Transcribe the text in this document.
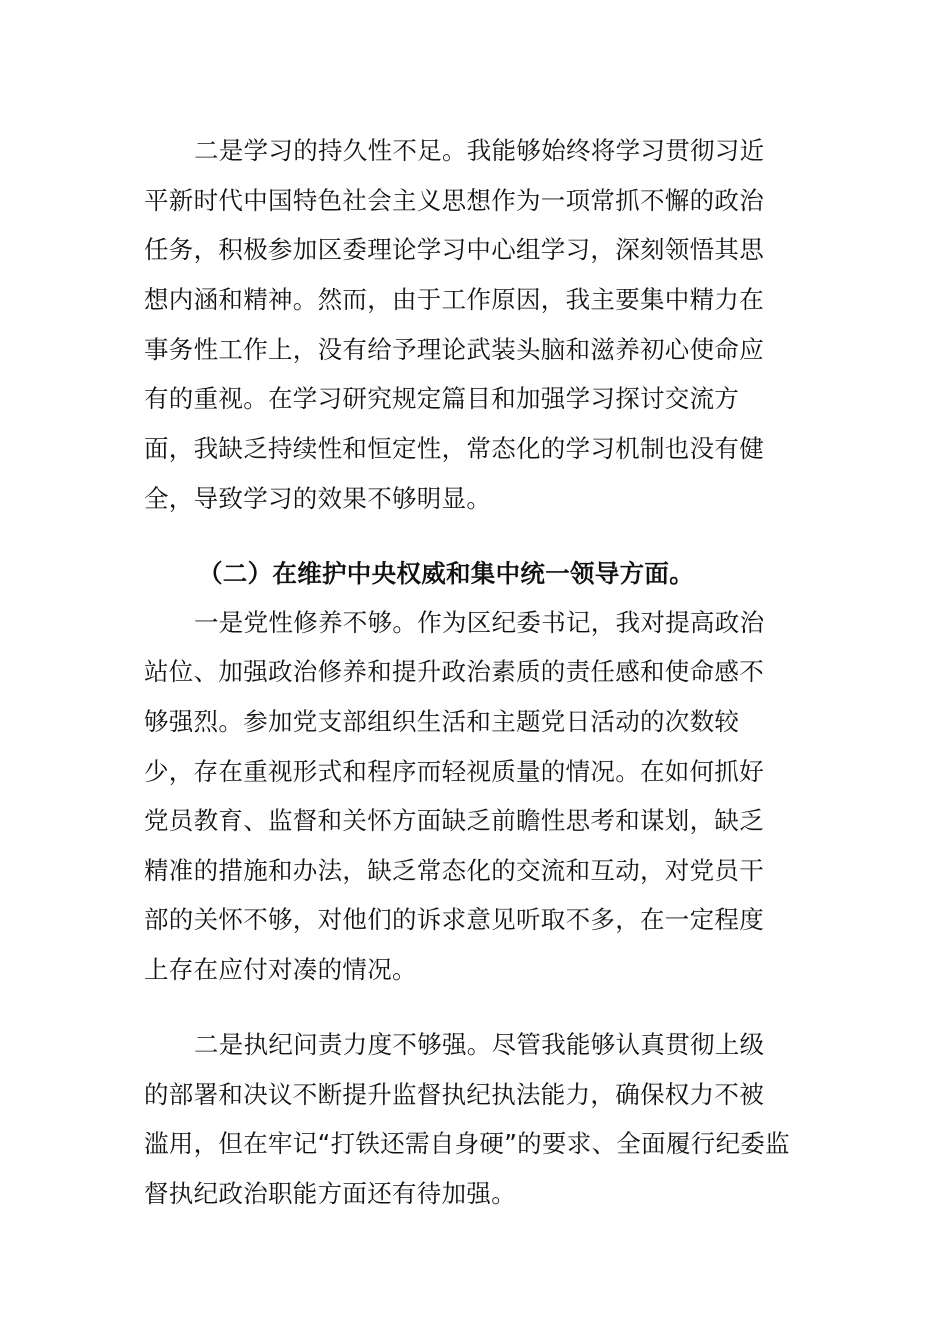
二是学习的持久性不足。我能够始终将学习贯彻习近
平新时代中国特色社会主义思想作为一项常抓不懈的政治
任务，积极参加区委理论学习中心组学习，深刻领悟其思
想内涵和精神。然而，由于工作原因，我主要集中精力在
事务性工作上，没有给予理论武装头脑和滋养初心使命应
有的重视。在学习研究规定篇目和加强学习探讨交流方
面，我缺乏持续性和恒定性，常态化的学习机制也没有健
全，导致学习的效果不够明显。
（二）在维护中央权威和集中统一领导方面。
一是党性修养不够。作为区纪委书记，我对提高政治
站位、加强政治修养和提升政治素质的责任感和使命感不
够强烈。参加党支部组织生活和主题党日活动的次数较
少，存在重视形式和程序而轻视质量的情况。在如何抓好
党员教育、监督和关怀方面缺乏前瞻性思考和谋划，缺乏
精准的措施和办法，缺乏常态化的交流和互动，对党员干
部的关怀不够，对他们的诉求意见听取不多，在一定程度
上存在应付对凑的情况。
二是执纪问责力度不够强。尽管我能够认真贯彻上级
的部署和决议不断提升监督执纪执法能力，确保权力不被
滥用，但在牢记“打铁还需自身硬”的要求、全面履行纪委监
督执纪政治职能方面还有待加强。
